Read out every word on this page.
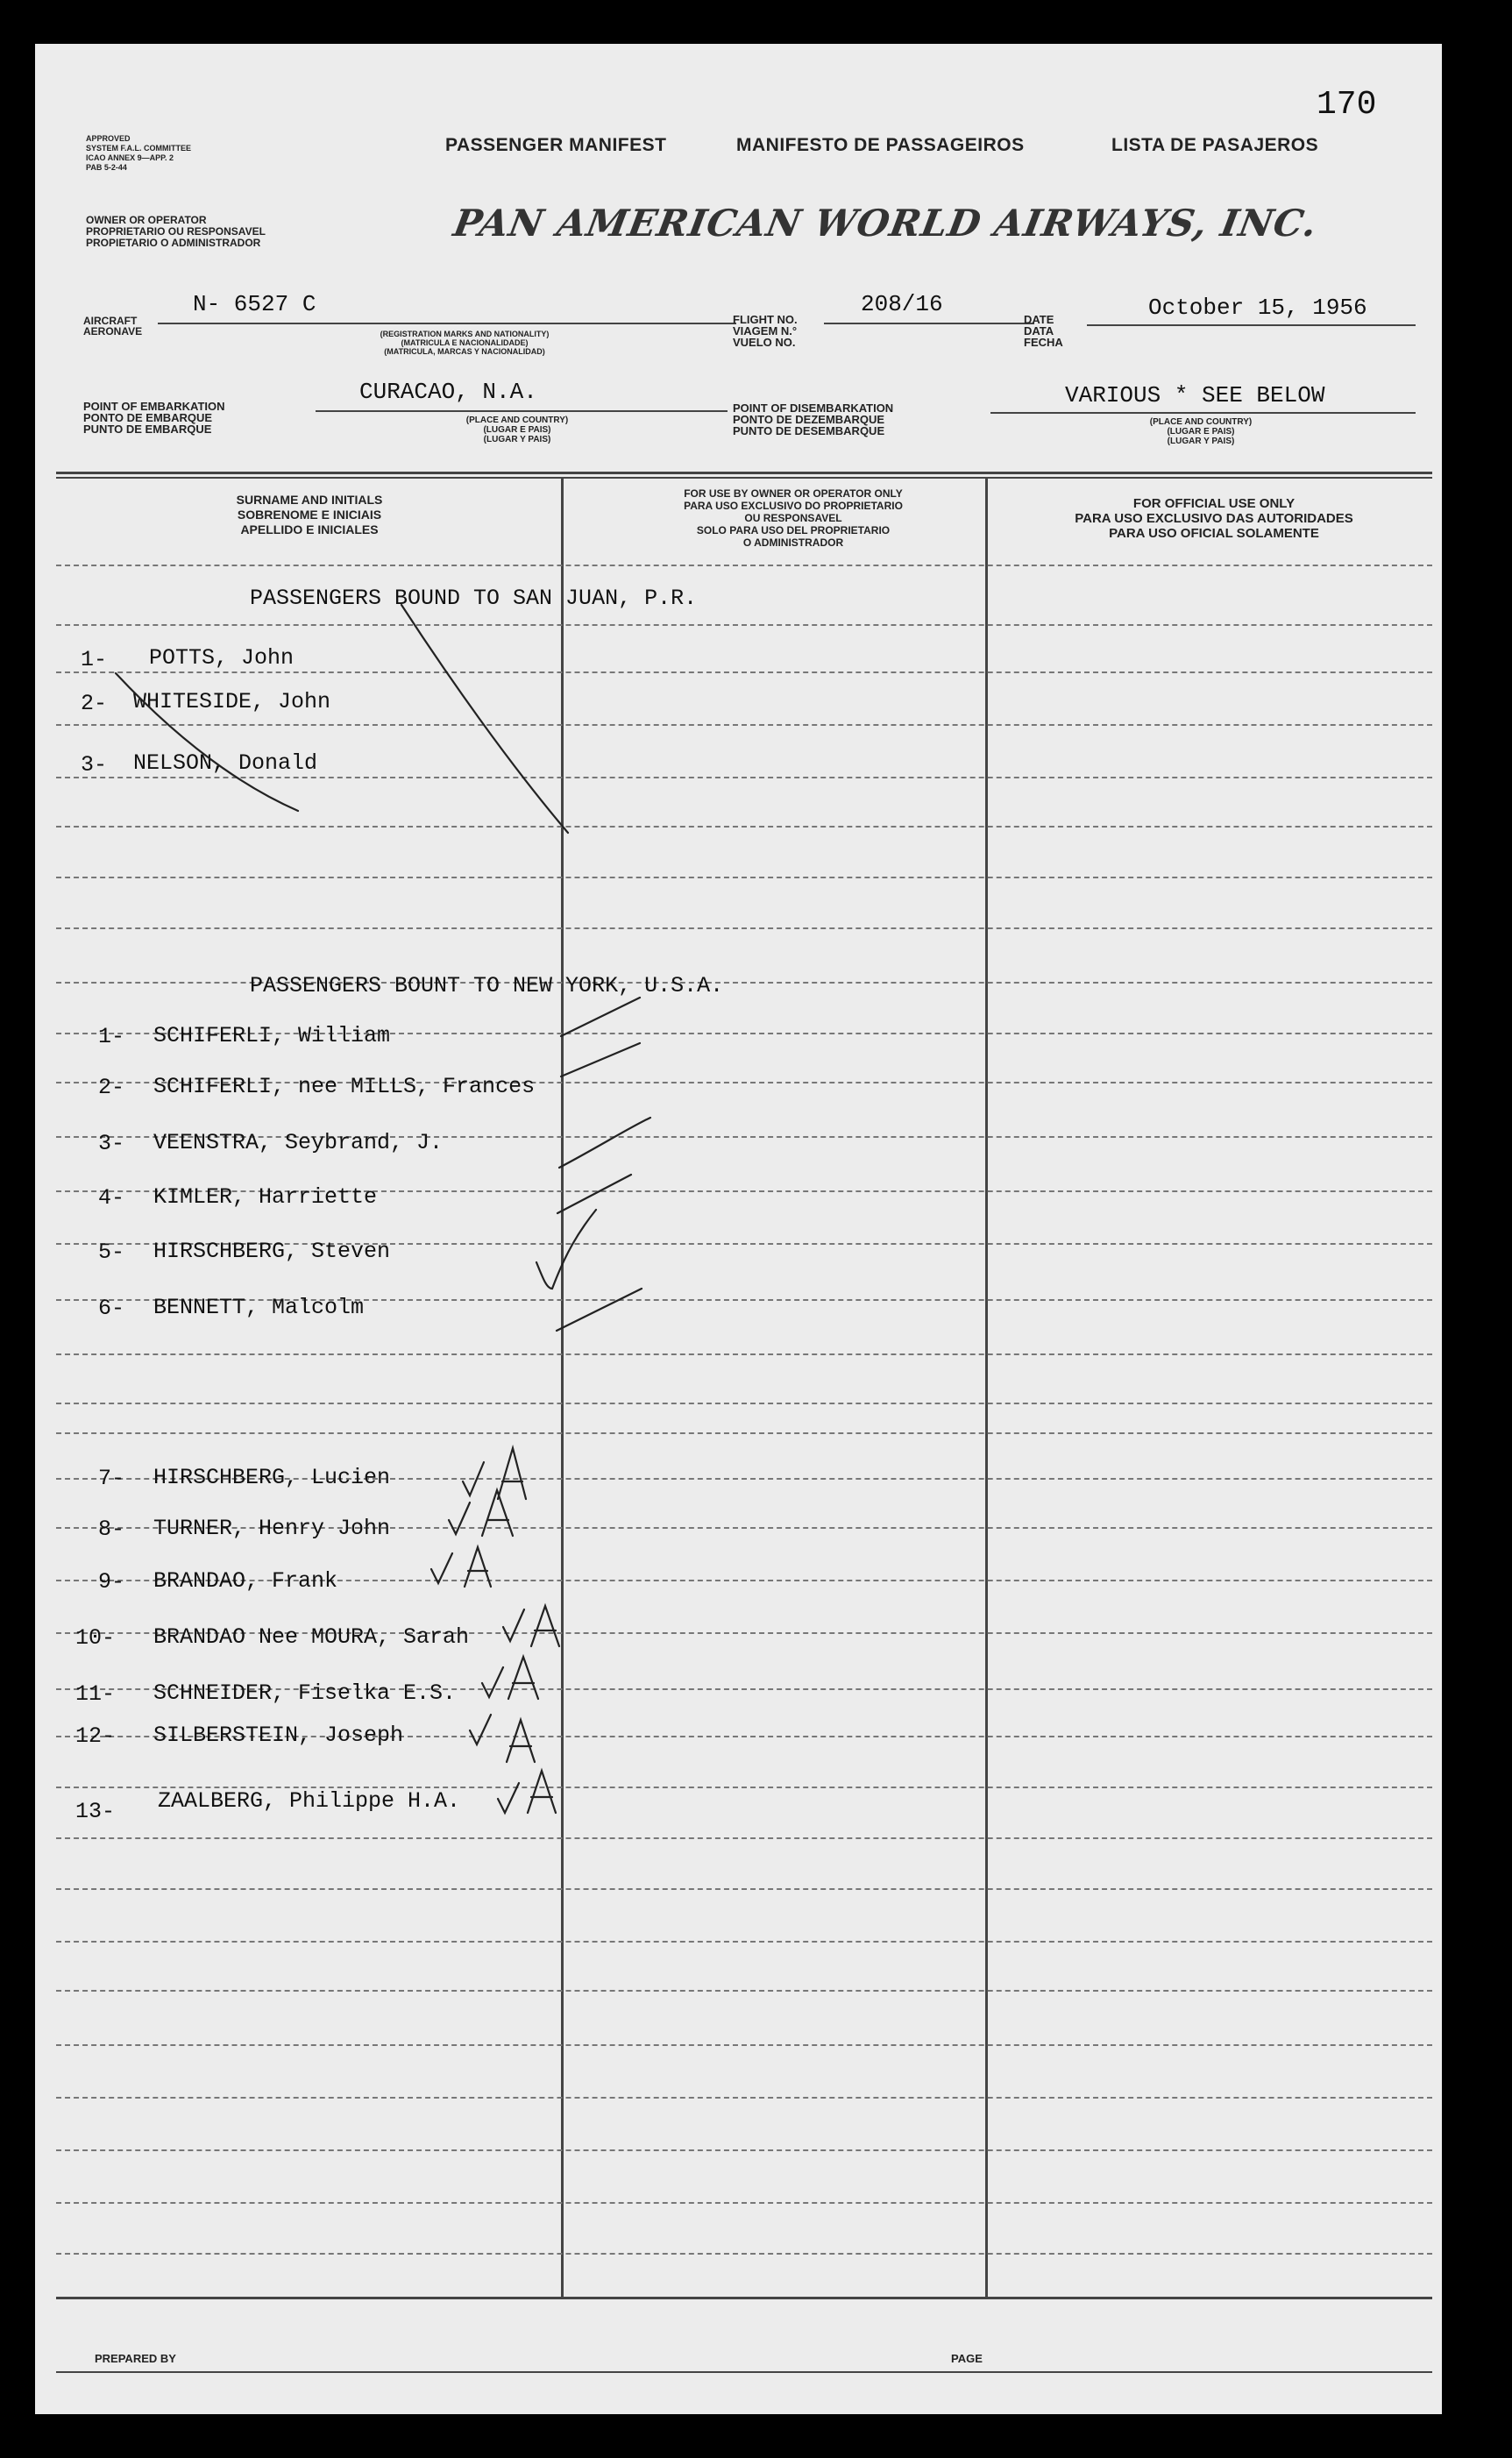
170
APPROVED
SYSTEM F.A.L. COMMITTEE
ICAO ANNEX 9—APP. 2
PAB 5-2-44
OWNER OR OPERATOR
PROPRIETARIO OU RESPONSAVEL
PROPIETARIO O ADMINISTRADOR
PASSENGER MANIFEST	MANIFESTO DE PASSAGEIROS	LISTA DE PASAJEROS
PAN AMERICAN WORLD AIRWAYS, INC.
AIRCRAFT
AERONAVE
N- 6527 C
(REGISTRATION MARKS AND NATIONALITY)
(MATRICULA E NACIONALIDADE)
(MATRICULA, MARCAS Y NACIONALIDAD)
FLIGHT NO.
VIAGEM N.°
VUELO NO.
208/16
DATE
DATA
FECHA
October 15, 1956
POINT OF EMBARKATION
PONTO DE EMBARQUE
PUNTO DE EMBARQUE
CURACAO, N.A.
(PLACE AND COUNTRY)
(LUGAR E PAIS)
(LUGAR Y PAIS)
POINT OF DISEMBARKATION
PONTO DE DEZEMBARQUE
PUNTO DE DESEMBARQUE
VARIOUS * SEE BELOW
(PLACE AND COUNTRY)
(LUGAR E PAIS)
(LUGAR Y PAIS)
SURNAME AND INITIALS
SOBRENOME E INICIAIS
APELLIDO E INICIALES
FOR USE BY OWNER OR OPERATOR ONLY
PARA USO EXCLUSIVO DO PROPRIETARIO
OU RESPONSAVEL
SOLO PARA USO DEL PROPRIETARIO
O ADMINISTRADOR
FOR OFFICIAL USE ONLY
PARA USO EXCLUSIVO DAS AUTORIDADES
PARA USO OFICIAL SOLAMENTE
PASSENGERS BOUND TO SAN JUAN, P.R.
1- POTTS, John
2- WHITESIDE, John
3- NELSON, Donald
PASSENGERS BOUNT TO NEW YORK, U.S.A.
1- SCHIFERLI, William
2- SCHIFERLI, nee MILLS, Frances
3- VEENSTRA, Seybrand, J.
4- KIMLER, Harriette
5- HIRSCHBERG, Steven
6- BENNETT, Malcolm
7- HIRSCHBERG, Lucien
8- TURNER, Henry John
9- BRANDAO, Frank
10- BRANDAO Nee MOURA, Sarah
11- SCHNEIDER, Fiselka E.S.
12- SILBERSTEIN, Joseph
13- ZAALBERG, Philippe H.A.
PREPARED BY	PAGE
